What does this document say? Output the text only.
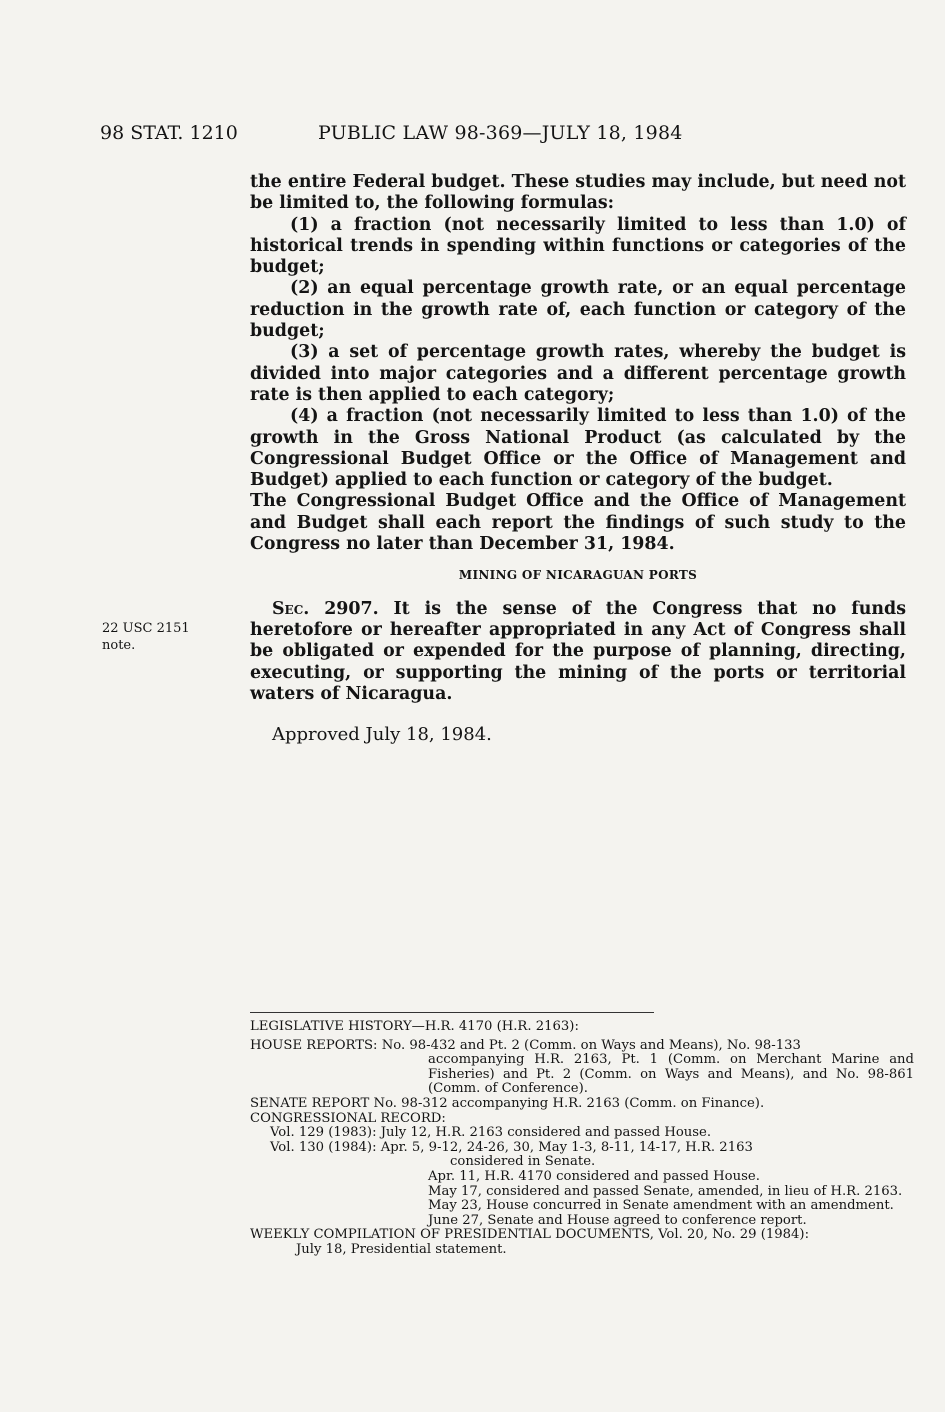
98 STAT. 1210	PUBLIC LAW 98-369—JULY 18, 1984

the entire Federal budget. These studies may include, but need not be limited to, the following formulas:

(1) a fraction (not necessarily limited to less than 1.0) of historical trends in spending within functions or categories of the budget;

(2) an equal percentage growth rate, or an equal percentage reduction in the growth rate of, each function or category of the budget;

(3) a set of percentage growth rates, whereby the budget is divided into major categories and a different percentage growth rate is then applied to each category;

(4) a fraction (not necessarily limited to less than 1.0) of the growth in the Gross National Product (as calculated by the Congressional Budget Office or the Office of Management and Budget) applied to each function or category of the budget.

The Congressional Budget Office and the Office of Management and Budget shall each report the findings of such study to the Congress no later than December 31, 1984.

MINING OF NICARAGUAN PORTS

Sec. 2907. It is the sense of the Congress that no funds heretofore or hereafter appropriated in any Act of Congress shall be obligated or expended for the purpose of planning, directing, executing, or supporting the mining of the ports or territorial waters of Nicaragua.

Approved July 18, 1984.
22 USC 2151
note.
LEGISLATIVE HISTORY—H.R. 4170 (H.R. 2163):
HOUSE REPORTS: No. 98-432 and Pt. 2 (Comm. on Ways and Means), No. 98-133
accompanying H.R. 2163, Pt. 1 (Comm. on Merchant Marine and Fisheries) and Pt. 2 (Comm. on Ways and Means), and No. 98-861 (Comm. of Conference).
SENATE REPORT No. 98-312 accompanying H.R. 2163 (Comm. on Finance).
CONGRESSIONAL RECORD:
Vol. 129 (1983): July 12, H.R. 2163 considered and passed House.
Vol. 130 (1984): Apr. 5, 9-12, 24-26, 30, May 1-3, 8-11, 14-17, H.R. 2163
considered in Senate.
Apr. 11, H.R. 4170 considered and passed House.
May 17, considered and passed Senate, amended, in lieu of H.R. 2163.
May 23, House concurred in Senate amendment with an amendment.
June 27, Senate and House agreed to conference report.
WEEKLY COMPILATION OF PRESIDENTIAL DOCUMENTS, Vol. 20, No. 29 (1984):
July 18, Presidential statement.
